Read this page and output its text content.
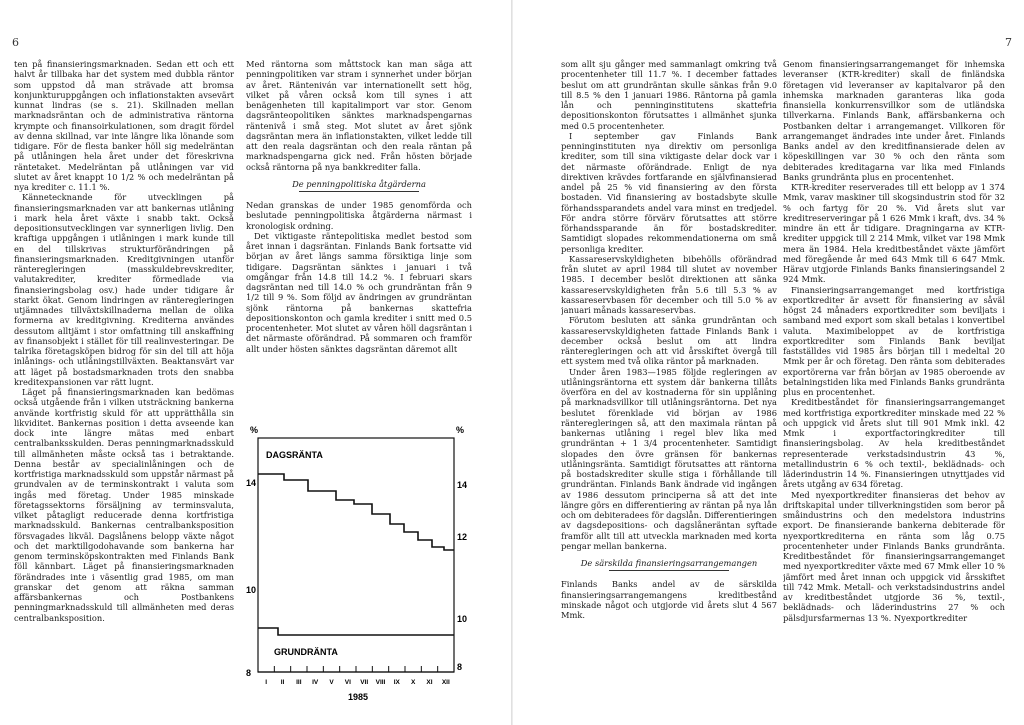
6

ten på finansieringsmarknaden. Sedan ett och ett halvt år tillbaka har det system med dubbla räntor som uppstod då man strävade att bromsa konjunkturuppgången och inflationstakten avsevärt kunnat lindras (se s. 21). Skillnaden mellan marknadsräntan och de administrativa räntorna krympte och finansoirkulationen, som dragit fördel av denna skillnad, var inte längre lika lönande som tidigare. För de flesta banker höll sig medelräntan på utlåningen hela året under det föreskrivna räntetaket. Medelräntan på utlåningen var vid slutet av året knappt 10 1/2 % och medelräntan på nya krediter c. 11.1 %.

Kännetecknande för utvecklingen på finansieringsmarknaden var att bankernas utlåning i mark hela året växte i snabb takt. Också depositionsutvecklingen var synnerligen livlig. Den kraftiga uppgången i utlåningen i mark kunde till en del tillskrivas strukturförändringen på finansieringsmarknaden. Kreditgivningen utanför ränteregleringen (masskuldebrevskrediter, valutakrediter, krediter förmedlade via finansieringsbolag osv.) hade under tidigare år starkt ökat. Genom lindringen av ränteregleringen utjämnades tillväxtskillnaderna mellan de olika formerna av kreditgivning. Krediterna användes dessutom alltjämt i stor omfattning till anskaffning av finansobjekt i stället för till realinvesteringar. De talrika företagsköpen bidrog för sin del till att höja inlånings- och utlåningstillväxten. Beaktansvärt var att läget på bostadsmarknaden trots den snabba kreditexpansionen var rätt lugnt.

Läget på finansieringsmarknaden kan bedömas också utgående från i vilken utsträckning bankerna använde kortfristig skuld för att upprätthålla sin likviditet. Bankernas position i detta avseende kan dock inte längre mätas med enbart centralbanksskulden. Deras penningmarknadsskuld till allmänheten måste också tas i betraktande. Denna består av specialinlåningen och de kortfristiga marknadsskuld som uppstår närmast på grundvalen av de terminskontrakt i valuta som ingås med företag. Under 1985 minskade företagssektorns försäljning av terminsvaluta, vilket påtagligt reducerade denna kortfristiga marknadsskuld. Bankernas centralbanksposition försvagades likväl. Dagslånens belopp växte något och det marktillgodohavande som bankerna har genom terminsköpskontrakten med Finlands Bank föll kännbart. Läget på finansieringsmarknaden förändrades inte i väsentlig grad 1985, om man granskar det genom att räkna samman affärsbankernas och Postbankens penningmarknadsskuld till allmänheten med deras centralbanksposition.

Med räntorna som måttstock kan man säga att penningpolitiken var stram i synnerhet under början av året. Ränteniván var internationellt sett hög, vilket på våren också kom till synes i att benägenheten till kapitalimport var stor. Genom dagsränteopolitiken sänktes marknadspengarnas räntenivå i små steg. Mot slutet av året sjönk dagsräntan mera än inflationstakten, vilket ledde till att den reala dagsräntan och den reala räntan på marknadspengarna gick ned. Från hösten började också räntorna på nya bankkrediter falla.

De penningpolitiska åtgärderna

Nedan granskas de under 1985 genomförda och beslutade penningpolitiska åtgärderna närmast i kronologisk ordning.

Det viktigaste räntepolitiska medlet bestod som året innan i dagsräntan. Finlands Bank fortsatte vid början av året längs samma försiktiga linje som tidigare. Dagsräntan sänktes i januari i två omgångar från 14.8 till 14.2 %. I februari skars dagsräntan ned till 14.0 % och grundräntan från 9 1/2 till 9 %. Som följd av ändringen av grundräntan sjönk räntorna på bankernas skattefria depositionskonton och gamla krediter i snitt med 0.5 procentenheter. Mot slutet av våren höll dagsräntan i det närmaste oförändrad. På sommaren och framför allt under hösten sänktes dagsräntan däremot allt

%	%
14
10
8
14
12
10
8
DAGSRÄNTA
GRUNDRÄNTA
I II III IV V VI VII VIII IX X XI XII
1985
7

som allt sju gånger med sammanlagt omkring två procentenheter till 11.7 %. I december fattades beslut om att grundräntan skulle sänkas från 9.0 till 8.5 % den 1 januari 1986. Räntorna på gamla lån och penninginstitutens skattefria depositionskonton förutsattes i allmänhet sjunka med 0.5 procentenheter.

I september gav Finlands Bank penninginstituten nya direktiv om personliga krediter, som till sina viktigaste delar dock var i det närmaste oförändrade. Enligt de nya direktiven krävdes fortfarande en självfinansierad andel på 25 % vid finansiering av den första bostaden. Vid finansiering av bostadsbyte skulle förhandssparandets andel vara minst en tredjedel. För andra större förvärv förutsattes att större förhandssparande än för bostadskrediter. Samtidigt slopades rekommendationerna om små personliga krediter.

Kassareservskyldigheten bibehölls oförändrad från slutet av april 1984 till slutet av november 1985. I december beslöt direktionen att sänka kassareservskyldigheten från 5.6 till 5.3 % av kassareservbasen för december och till 5.0 % av januari månads kassareservbas.

Förutom besluten att sänka grundräntan och kassareservskyldigheten fattade Finlands Bank i december också beslut om att lindra ränteregleringen och att vid årsskiftet övergå till ett system med två olika räntor på marknaden.

Under åren 1983—1985 följde regleringen av utlåningsräntorna ett system där bankerna tillåts överföra en del av kostnaderna för sin upplåning på marknadsvillkor till utlåningsräntorna. Det nya beslutet förenklade vid början av 1986 ränteregleringen så, att den maximala räntan på bankernas utlåning i regel blev lika med grundräntan + 1 3/4 procentenheter. Samtidigt slopades den övre gränsen för bankernas utlåningsränta. Samtidigt förutsattes att räntorna på bostadskrediter skulle stiga i förhållande till grundräntan. Finlands Bank ändrade vid ingången av 1986 dessutom principerna så att det inte längre görs en differentiering av räntan på nya lån och om debiteradees för dagslån. Differentieringen av dagsdepositions- och dagslåneräntan syftade framför allt till att utveckla marknaden med korta pengar mellan bankerna.

De särskilda finansieringsarrangemangen

Finlands Banks andel av de särskilda finansieringsarrangemangens kreditbestånd minskade något och utgjorde vid årets slut 4 567 Mmk.

Genom finansieringsarrangemanget för inhemska leveranser (KTR-krediter) skall de finländska företagen vid leveranser av kapitalvaror på den inhemska marknaden garanteras lika goda finansiella konkurrensvillkor som de utländska tillverkarna. Finlands Bank, affärsbankerna och Postbanken deltar i arrangemanget. Villkoren för arrangemanget ändrades inte under året. Finlands Banks andel av den kreditfinansierade delen av köpeskillingen var 30 % och den ränta som debiterades kreditagarna var lika med Finlands Banks grundränta plus en procentenhet.

KTR-krediter reserverades till ett belopp av 1 374 Mmk, varav maskiner till skogsindustrin stod för 32 % och fartyg för 20 %. Vid årets slut var kreditreserveringar på 1 626 Mmk i kraft, dvs. 34 % mindre än ett år tidigare. Dragningarna av KTR-krediter uppgick till 2 214 Mmk, vilket var 198 Mmk mera än 1984. Hela kreditbeståndet växte jämfört med föregående år med 643 Mmk till 6 647 Mmk. Härav utgjorde Finlands Banks finansieringsandel 2 924 Mmk.

Finansieringsarrangemanget med kortfristiga exportkrediter är avsett för finansiering av såväl högst 24 månaders exportkrediter som beviljats i samband med export som skall betalas i konvertibel valuta. Maximibeloppet av de kortfristiga exportkrediter som Finlands Bank beviljat fastställdes vid 1985 års början till i medeltal 20 Mmk per år och företag. Den ränta som debiterades exportörerna var från början av 1985 oberoende av betalningstiden lika med Finlands Banks grundränta plus en procentenhet.

Kreditbeståndet för finansieringsarrangemanget med kortfristiga exportkrediter minskade med 22 % och uppgick vid årets slut till 901 Mmk inkl. 42 Mmk i exportfactoringkrediter till finansieringsbolag. Av hela kreditbeståndet representerade verkstadsindustrin 43 %, metallindustrin 6 % och textil-, beklädnads- och läderindustrin 14 %. Finansieringen utnyttjades vid årets utgång av 634 företag.

Med nyexportkrediter finansieras det behov av driftskapital under tillverkningstiden som beror på småindustrins och den medelstora industrins export. De finansierande bankerna debiterade för nyexportkrediterna en ränta som låg 0.75 procentenheter under Finlands Banks grundränta. Kreditbeståndet för finansieringsarrangemanget med nyexportkrediter växte med 67 Mmk eller 10 % jämfört med året innan och uppgick vid årsskiftet till 742 Mmk. Metall- och verkstadsindustrins andel av kreditbeståndet utgjorde 36 %, textil-, beklädnads- och läderindustrins 27 % och pälsdjursfarmernas 13 %. Nyexportkrediter
